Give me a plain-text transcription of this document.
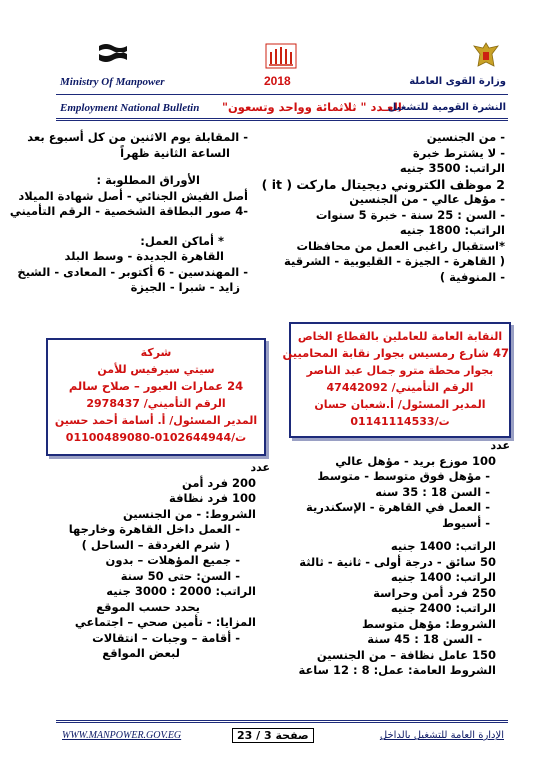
Ministry Of Manpower	2018	وزارة القوى العاملة
Employment National Bulletin العـدد " ثلاثمائة وواحد وتسعون"
النشرة القومية للتشغيل
- من الجنسين
- لا يشترط خبرة
الراتب: 3500 جنيه
2 موظف الكتروني ديجيتال ماركت ( it )
- مؤهل عالي - من الجنسين
- السن : 25 سنة - خبرة 5 سنوات
الراتب: 1800 جنيه
*استقبال راغبى العمل من محافظات
( القاهرة - الجيزة - القليوبية - الشرقية
- المنوفية )
- المقابلة يوم الاثنين من كل أسبوع بعد
الساعة الثانية ظهراً
الأوراق المطلوبة :
أصل الفيش الجنائي - أصل شهادة الميلاد
-4 صور البطاقة الشخصية - الرقم التأميني
* أماكن العمل:
القاهرة الجديدة - وسط البلد
- المهندسين - 6 أكتوبر - المعادى - الشيخ
زايد - شبرا - الجيزة
النقابة العامة للعاملين بالقطاع الخاص
47 شارع رمسيس بجوار نقابة المحاميين
بجوار محطة مترو جمال عبد الناصر
الرقم التأميني/ 47442092
المدير المسئول/ أ.شعبان حسان
ت/01141114533
شركة
سيتي سيرفيس للأمن
24 عمارات العبور – صلاح سالم
الرقم التأميني/ 2978437
المدير المسئول/ أ. أسامة أحمد حسين
ت/0102644944-01100489080
عدد
100 موزع بريد - مؤهل عالي
- مؤهل فوق متوسط - متوسط
- السن 18 : 35 سنه
- العمل في القاهرة - الإسكندرية
- أسيوط
الراتب: 1400 جنيه
50 سائق - درجة أولى - ثانية - ثالثة
الراتب: 1400 جنيه
250 فرد أمن وحراسة
الراتب: 2400 جنيه
الشروط: مؤهل متوسط
- السن 18 : 45 سنة
150 عامل نظافة – من الجنسين
الشروط العامة: عمل: 8 : 12 ساعة
عدد
200 فرد أمن
100 فرد نظافة
الشروط: - من الجنسين
- العمل داخل القاهرة وخارجها
( شرم الغردقة – الساحل )
- جميع المؤهلات – بدون
- السن: حتى 50 سنة
الراتب: 2000 : 3000 جنيه
يحدد حسب الموقع
المزايا: - تأمين صحي – اجتماعي
- أقامة – وجبات – انتقالات
لبعض المواقع
WWW.MANPOWER.GOV.EG	صفحة 3 / 23	الإدارة العامة للتشغيل بالداخل
